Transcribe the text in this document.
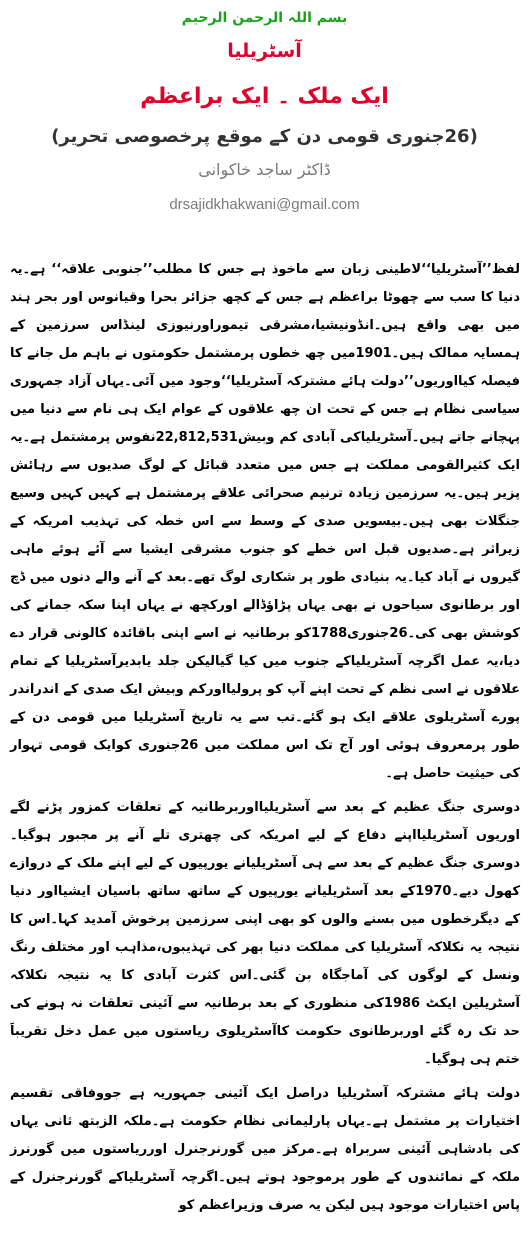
بسم اللہ الرحمن الرحیم
آسٹریلیا
ایک ملک ۔ ایک براعظم
(26جنوری قومی دن کے موقع پرخصوصی تحریر)
ڈاکٹر ساجد خاکوانی
drsajidkhakwani@gmail.com

لفظ’’آسٹریلیا‘‘لاطینی زبان سے ماخوذ ہے جس کا مطلب’’جنوبی علاقہ‘‘ ہے۔یہ دنیا کا سب سے چھوٹا براعظم ہے جس کے کچھ جزائر بحرا وقیانوس اور بحر ہند میں بھی واقع ہیں۔انڈونیشیا،مشرقی تیموراورنیوزی لینڈاس سرزمین کے ہمسایہ ممالک ہیں۔1901میں چھ خطوں پرمشتمل حکومتوں نے باہم مل جانے کا فیصلہ کیااوریوں’’دولت ہائے مشترکہ آسٹریلیا‘‘وجود میں آئی۔یہاں آزاد جمہوری سیاسی نظام ہے جس کے تحت ان چھ علاقوں کے عوام ایک ہی نام سے دنیا میں پہچانے جاتے ہیں۔آسٹریلیاکی آبادی کم وبیش22,812,531نفوس پرمشتمل ہے۔یہ ایک کثیرالقومی مملکت ہے جس میں متعدد قبائل کے لوگ صدیوں سے رہائش پزیر ہیں۔یہ سرزمین زیادہ ترنیم صحرائی علاقے پرمشتمل ہے کہیں کہیں وسیع جنگلات بھی ہیں۔بیسویں صدی کے وسط سے اس خطہ کی تہذیب امریکہ کے زیراثر ہے۔صدیوں قبل اس خطے کو جنوب مشرقی ایشیا سے آئے ہوئے ماہی گیروں نے آباد کیا۔یہ بنیادی طور پر شکاری لوگ تھے۔بعد کے آنے والے دنوں میں ڈچ اور برطانوی سیاحوں نے بھی یہاں پڑاؤڈالے اورکچھ نے یہاں اپنا سکہ جمانے کی کوشش بھی کی۔26جنوری1788کو برطانیہ نے اسے اپنی باقائدہ کالونی قرار دے دیا،یہ عمل اگرچہ آسٹریلیاکے جنوب میں کیا گیالیکن جلد یابدیرآسٹریلیا کے تمام علاقوں نے اسی نظم کے تحت اپنے آپ کو پرولیااورکم وبیش ایک صدی کے اندراندر پورے آسٹریلوی علاقے ایک ہو گئے۔تب سے یہ تاریخ آسٹریلیا میں قومی دن کے طور پرمعروف ہوئی اور آج تک اس مملکت میں 26جنوری کوایک قومی تہوار کی حیثیت حاصل ہے۔

دوسری جنگ عظیم کے بعد سے آسٹریلیااوربرطانیہ کے تعلقات کمزور پڑنے لگے اوریوں آسٹریلیااپنے دفاع کے لیے امریکہ کی چھتری تلے آنے پر مجبور ہوگیا۔دوسری جنگ عظیم کے بعد سے ہی آسٹریلیانے یورپیوں کے لیے اپنے ملک کے دروازے کھول دیے۔1970کے بعد آسٹریلیانے یورپیوں کے ساتھ ساتھ باسیان ایشیااور دنیا کے دیگرخطوں میں بسنے والوں کو بھی اپنی سرزمین پرخوش آمدید کہا۔اس کا نتیجہ یہ نکلاکہ آسٹریلیا کی مملکت دنیا بھر کی تہذیبوں،مذاہب اور مختلف رنگ ونسل کے لوگوں کی آماجگاہ بن گئی۔اس کثرت آبادی کا یہ نتیجہ نکلاکہ آسٹریلین ایکٹ 1986کی منظوری کے بعد برطانیہ سے آئینی تعلقات نہ ہونے کی حد تک رہ گئے اوربرطانوی حکومت کاآسٹریلوی ریاستوں میں عمل دخل تقریباََ ختم ہی ہوگیا۔

دولت ہائے مشترکہ آسٹریلیا دراصل ایک آئینی جمہوریہ ہے جووفاقی تقسیم اختیارات پر مشتمل ہے۔یہاں پارلیمانی نظام حکومت ہے۔ملکہ الزبتھ ثانی یہاں کی بادشاہی آئینی سربراہ ہے۔مرکز میں گورنرجنرل اورریاستوں میں گورنرز ملکہ کے نمائندوں کے طور پرموجود ہوتے ہیں۔اگرچہ آسٹریلیاکے گورنرجنرل کے پاس اختیارات موجود ہیں لیکن یہ صرف وزیراعظم کو
